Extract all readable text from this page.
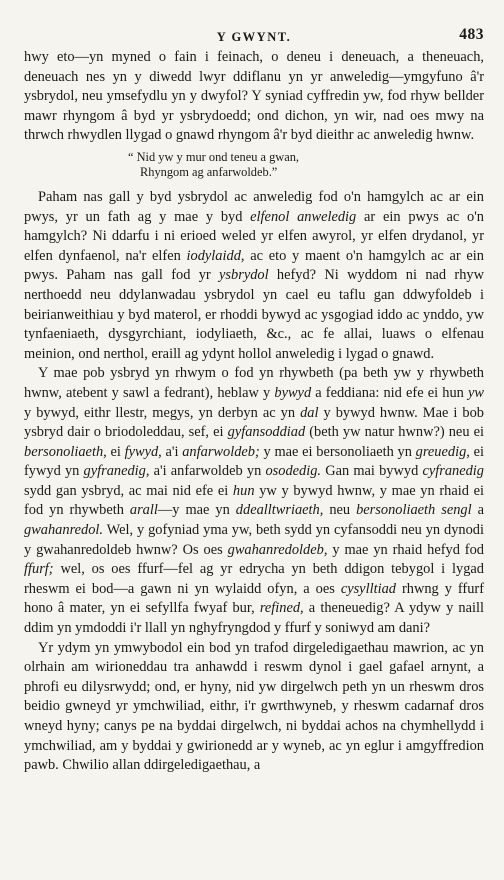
Y GWYNT.	483

hwy eto—yn myned o fain i feinach, o deneu i deneuach, a theneuach, deneuach nes yn y diwedd lwyr ddiflanu yn yr anweledig—ymgyfuno â'r ysbrydol, neu ymsefydlu yn y dwyfol? Y syniad cyffredin yw, fod rhyw bellder mawr rhyngom â byd yr ysbrydoedd; ond dichon, yn wir, nad oes mwy na thrwch rhwydlen llygad o gnawd rhyngom â'r byd dieithr ac anweledig hwnw.

“ Nid yw y mur ond teneu a gwan,
Rhyngom ag anfarwoldeb.”

Paham nas gall y byd ysbrydol ac anweledig fod o'n hamgylch ac ar ein pwys, yr un fath ag y mae y byd elfenol anweledig ar ein pwys ac o'n hamgylch? Ni ddarfu i ni erioed weled yr elfen awyrol, yr elfen drydanol, yr elfen dynfaenol, na'r elfen iodylaidd, ac eto y maent o'n hamgylch ac ar ein pwys. Paham nas gall fod yr ysbrydol hefyd? Ni wyddom ni nad rhyw nerthoedd neu ddylanwadau ysbrydol yn cael eu taflu gan ddwyfoldeb i beirianweithiau y byd materol, er rhoddi bywyd ac ysgogiad iddo ac ynddo, yw tynfaeniaeth, dysgyrchiant, iodyliaeth, &c., ac fe allai, luaws o elfenau meinion, ond nerthol, eraill ag ydynt hollol anweledig i lygad o gnawd.

Y mae pob ysbryd yn rhwym o fod yn rhywbeth (pa beth yw y rhywbeth hwnw, atebent y sawl a fedrant), heblaw y bywyd a feddiana: nid efe ei hun yw y bywyd, eithr llestr, megys, yn derbyn ac yn dal y bywyd hwnw. Mae i bob ysbryd dair o briodoleddau, sef, ei gyfansoddiad (beth yw natur hwnw?) neu ei bersonoliaeth, ei fywyd, a'i anfarwoldeb; y mae ei bersonoliaeth yn greuedig, ei fywyd yn gyfranedig, a'i anfarwoldeb yn osodedig. Gan mai bywyd cyfranedig sydd gan ysbryd, ac mai nid efe ei hun yw y bywyd hwnw, y mae yn rhaid ei fod yn rhywbeth arall—y mae yn ddealltwriaeth, neu bersonoliaeth sengl a gwahanredol. Wel, y gofyniad yma yw, beth sydd yn cyfansoddi neu yn dynodi y gwahanredoldeb hwnw? Os oes gwahanredoldeb, y mae yn rhaid hefyd fod ffurf; wel, os oes ffurf—fel ag yr edrycha yn beth ddigon tebygol i lygad rheswm ei bod—a gawn ni yn wylaidd ofyn, a oes cysylltiad rhwng y ffurf hono â mater, yn ei sefyllfa fwyaf bur, refined, a theneuedig? A ydyw y naill ddim yn ymdoddi i'r llall yn nghyfryngdod y ffurf y soniwyd am dani?

Yr ydym yn ymwybodol ein bod yn trafod dirgeledigaethau mawrion, ac yn olrhain am wirioneddau tra anhawdd i reswm dynol i gael gafael arnynt, a phrofi eu dilysrwydd; ond, er hyny, nid yw dirgelwch peth yn un rheswm dros beidio gwneyd yr ymchwiliad, eithr, i'r gwrthwyneb, y rheswm cadarnaf dros wneyd hyny; canys pe na byddai dirgelwch, ni byddai achos na chymhellydd i ymchwiliad, am y byddai y gwirionedd ar y wyneb, ac yn eglur i amgyffredion pawb. Chwilio allan ddirgeledigaethau, a
